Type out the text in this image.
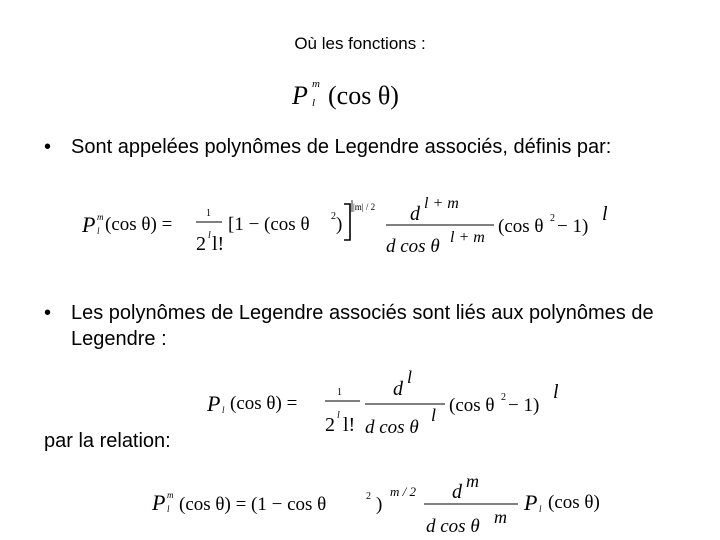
Où les fonctions :
P m
l (cos θ)
• Sont appelées polynômes de Legendre associés, définis par:
P m
l (cos θ) =
1
2 l l!
[1 − (cos θ 2 )
|m| / 2 d l + m
d cos θ l + m
(cos θ 2 − 1)
l
• Les polynômes de Legendre associés sont liés aux polynômes de Legendre :
P l (cos θ) =
1
2 l l!
d
l
d cos θ
l (cos θ 2 − 1)
l
par la relation:
P m
l (cos θ) = (1 − cos θ	2 )
m / 2 d m
d cos θ m
P l (cos θ)
